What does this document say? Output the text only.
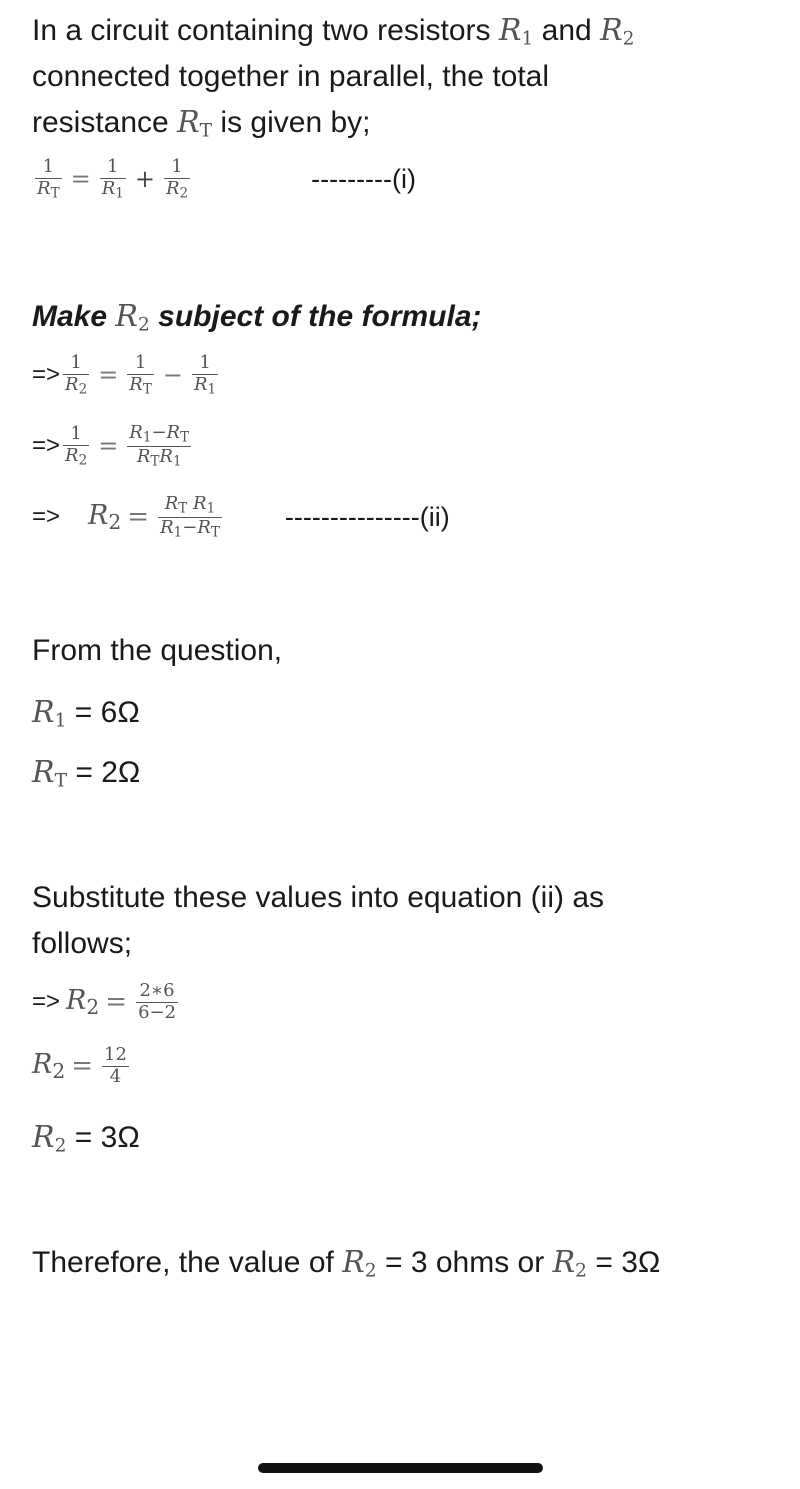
In a circuit containing two resistors $R_1$ and $R_2$
connected together in parallel, the total
resistance $R_T$ is given by;
$\frac{1}{R_T} = \frac{1}{R_1} + \frac{1}{R_2}$	---------(i)
Make $R_2$ subject of the formula;
=> $\frac{1}{R_2} = \frac{1}{R_T} - \frac{1}{R_1}$
=> $\frac{1}{R_2} = \frac{R_1-R_T}{R_TR_1}$
=> $R_2 = \frac{R_T R_1}{R_1-R_T} ---------------(ii)$
From the question,
$R_1 = 6\Omega$
$R_T = 2\Omega$
Substitute these values into equation (ii) as
follows;
=> $R_2 = \frac{2∗6}{6-2}$
$R_2 = \frac{12}{4}$
$R_2 = 3\Omega$
Therefore, the value of $R_2 = 3$ ohms or $R_2 = 3\Omega$
